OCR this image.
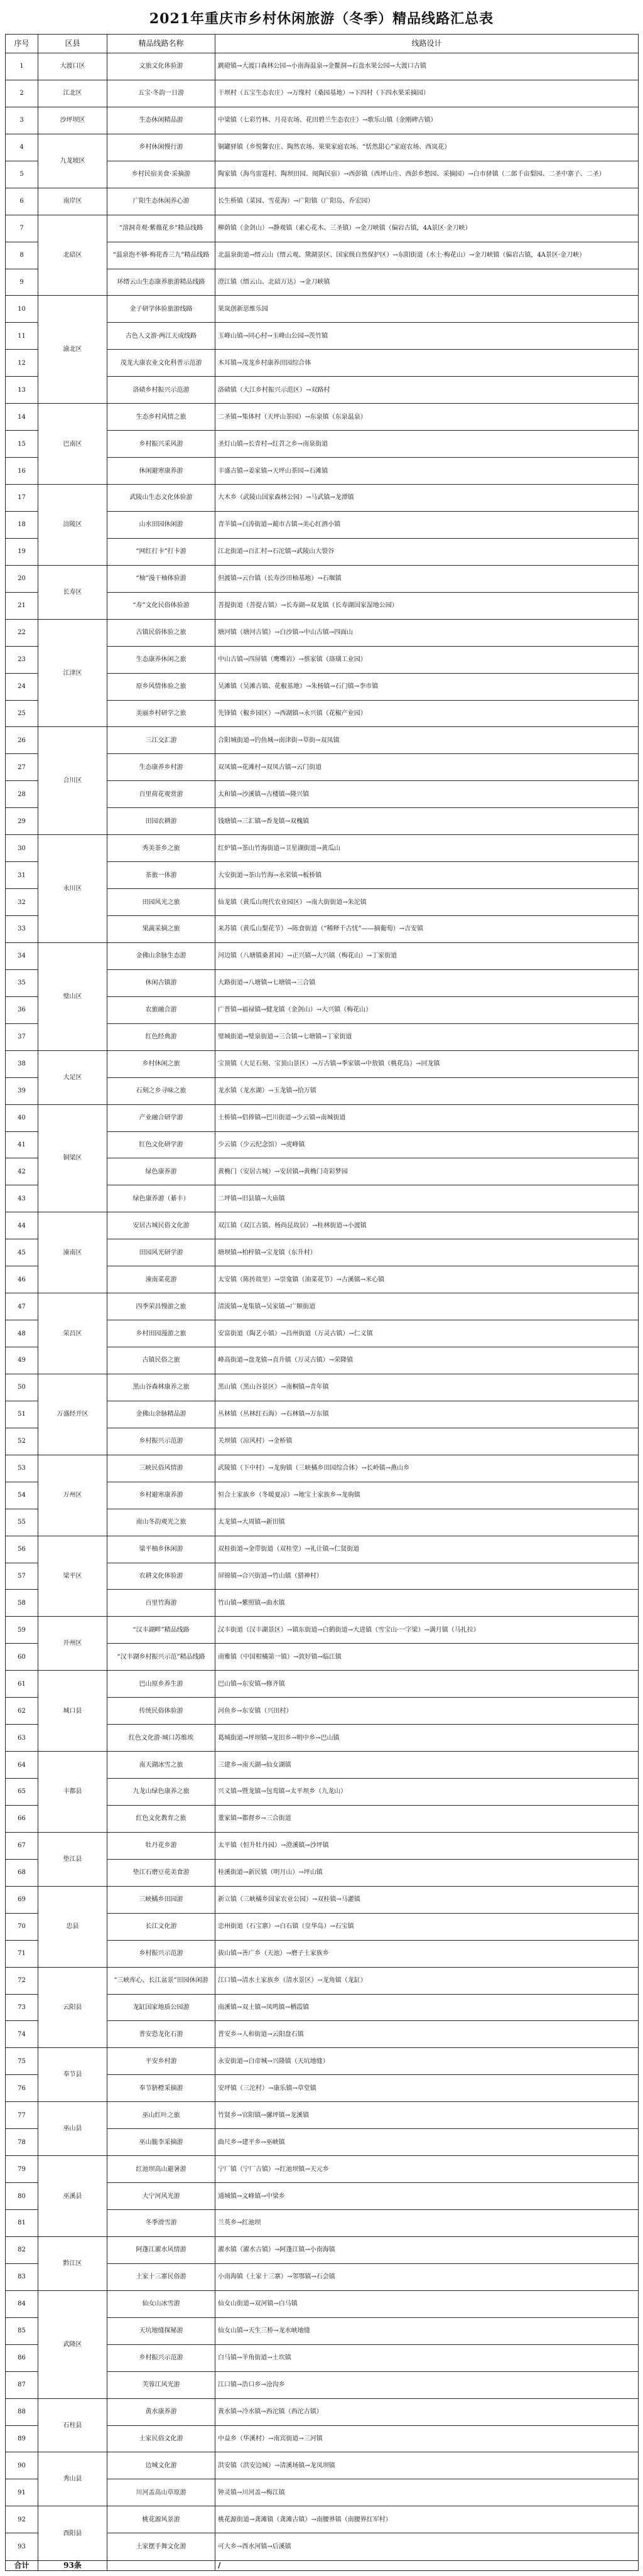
2021年重庆市乡村休闲旅游（冬季）精品线路汇总表
序号	区县	精品线路名称	线路设计
1	大渡口区	文旅文化体验游	跳磴镇→大渡口森林公园→小南海温泉→金鳌洞→石盘水果公园→大渡口古镇
2	江北区	五宝·冬韵一日游	干坝村（五宝生态农庄）→万缘村（桑园基地）→下四村（下四水果采摘园）
3	沙坪坝区	生态休闲精品游	中梁镇（七彩竹林、月亮农场、花田碧兰生态农庄）→歌乐山镇（金刚碑古镇）
4	九龙坡区	乡村休闲慢行游	铜罐驿镇（乡悦馨农庄、陶然农场、果果家庭农场、“恬然甜心”家庭农场、西岚花）
5		乡村民宿美食·采摘游	陶家镇（海鸟雷霆村、陶坝田园、阅陶民宿）→西彭镇（西坪山庄、西彭乡愁园、采摘园）→白市驿镇（二郎千亩梨园、二圣中寨子、二圣）
6	南岸区	广阳生态休闲养心游	长生桥镇（菜园、雪花海）→广阳镇（广阳岛、乔宏园）
7	北碚区	“溶洞奇观·紫薇花乡”精品线路	柳荫镇（金剑山）→静观镇（素心花木、三圣镇）→金刀峡镇（偏岩古镇，4A景区·金刀峡）
8		“温泉泡不够·梅花香三九”精品线路	北温泉街道→缙云山（缙云观、黛湖景区、国家级自然保护区）→东阳街道（水土·梅花山）→金刀峡镇（偏岩古镇，4A景区·金刀峡）
9		环缙云山生态康养旅游精品线路	澄江镇（缙云山、北碚万达）→金刀峡镇
10	渝北区	金子研学体验旅游线路	果岚创新思维乐园
11		古色人文游·两江天成线路	玉峰山镇→同心村→玉峰山公园→茨竹镇
12		茂龙大康农业文化科普示范游	木耳镇→茂龙乡村康养田园综合体
13		洛碛乡村振兴示范游	洛碛镇（大江乡村振兴示范区）→双路村
14	巴南区	生态乡村风情之旅	二圣镇→集体村（天坪山茶园）→东泉镇（东泉温泉）
15		乡村振兴采风游	圣灯山镇→长青村→红苕之乡→南泉街道
16		休闲避寒康养游	丰盛古镇→姜家镇→天坪山茶园→石滩镇
17	涪陵区	武陵山生态文化体验游	大木乡（武陵山国家森林公园）→马武镇→龙潭镇
18		山水田园休闲游	青羊镇→白涛街道→蔺市古镇→美心红酒小镇
19		“网红打卡”打卡游	江北街道→百汇村→石沱镇→武陵山大裂谷
20	长寿区	“柚”漫干柚体验游	但渡镇→云台镇（长寿沙田柚基地）→石堰镇
21		“寿”文化民俗体验游	菩提街道（菩提古镇）→长寿湖→双龙镇（长寿湖国家湿地公园）
22	江津区	古镇民俗体验之旅	塘河镇（塘河古镇）→白沙镇→中山古镇→四面山
23		生态康养休闲之旅	中山古镇→四屏镇（鹰嘴岩）→蔡家镇（珞璜工业园）
24		原乡风情体验之旅	吴滩镇（吴滩古镇、花椒基地）→朱杨镇→石门镇→李市镇
25		美丽乡村研学之旅	先锋镇（椒乡园区）→西湖镇→永兴镇（花椒产业园）
26	合川区	三江交汇游	合阳城街道→钓鱼城→南津街→草街→双凤镇
27		生态康养乡村游	双凤镇→花滩村→双凤古镇→云门街道
28		百里荷花观赏游	太和镇→沙溪镇→古楼镇→隆兴镇
29		田园农耕游	钱塘镇→三汇镇→香龙镇→双槐镇
30	永川区	秀美茶乡之旅	红炉镇→茶山竹海街道→卫星湖街道→黄瓜山
31		茶旅一体游	大安街道→茶山竹海→永荣镇→板桥镇
32		田园风光之旅	仙龙镇（黄瓜山现代农业园区）→南大街街道→朱沱镇
33		果蔬采摘之旅	来苏镇（黄瓜山梨花节）→陈食街道（“稀释千古忧”——摘葡萄）→吉安镇
34	璧山区	金佛山余脉生态游	河边镇（八塘镇桑葚园）→正兴镇→大兴镇（梅花山）→丁家街道
35		休闲古镇游	大路街道→八塘镇→七塘镇→三合镇
36		农旅融合游	广普镇→福禄镇→健龙镇（金剑山）→大兴镇（梅花山）
37		红色经典游	璧城街道→璧泉街道→三合镇→七塘镇→丁家街道
38	大足区	乡村休闲之旅	宝顶镇（大足石刻、宝顶山景区）→万古镇→季家镇→中敖镇（桃花岛）→回龙镇
39		石刻之乡寻味之旅	龙水镇（龙水湖）→玉龙镇→拾万镇
40	铜梁区	产业融合研学游	土桥镇→侣俸镇→巴川街道→少云镇→南城街道
41		红色文化研学游	少云镇（少云纪念馆）→虎峰镇
42		绿色康养游	黄桷门（安居古城）→安居镇→黄桷门奇彩梦园
43		绿色康养游（綦丰）	二坪镇→旧县镇→大庙镇
44	潼南区	安居古城民俗文化游	双江镇（双江古镇、杨尚昆故居）→桂林街道→小渡镇
45		田园风光研学游	塘坝镇→柏梓镇→宝龙镇（东升村）
46		潼南菜花游	太安镇（陈抟故里）→崇龛镇（油菜花节）→古溪镇→米心镇
47	荣昌区	四季荣昌慢游之旅	清流镇→龙集镇→吴家镇→广顺街道
48		乡村田园漫游之旅	安富街道（陶艺小镇）→昌州街道（万灵古镇）→仁义镇
49		古镇民俗之旅	峰高街道→盘龙镇→直升镇（万灵古镇）→荣隆镇
50	万盛经开区	黑山谷森林康养之旅	黑山镇（黑山谷景区）→南桐镇→青年镇
51		金佛山余脉精品游	丛林镇（丛林红石海）→石林镇→万东镇
52		乡村振兴示范游	关坝镇（凉风村）→金桥镇
53	万州区	三峡民俗风情游	武陵镇（下中村）→龙驹镇（三峡橘乡田园综合体）→长岭镇→燕山乡
54		乡村避寒康养游	恒合土家族乡（冬暖夏凉）→地宝土家族乡→龙驹镇
55		南山冬韵观光之旅	太龙镇→大周镇→新田镇
56	梁平区	梁平柚乡休闲游	双桂街道→金带街道（双桂堂）→礼让镇→仁贤街道
57		农耕文化体验游	屏锦镇→合兴街道→竹山镇（猎神村）
58		百里竹海游	竹山镇→紫照镇→曲水镇
59	开州区	“汉丰湖畔”精品线路	汉丰街道（汉丰湖景区）→镇东街道→白鹤街道→大进镇（雪宝山·一字梁）→满月镇（马扎拉）
60		“汉丰湖乡村振兴示范”精品线路	南雅镇（中国柑橘第一镇）→敦好镇→临江镇
61	城口县	巴山原乡养生游	巴山镇→东安镇→修齐镇
62		传统民俗体验游	河鱼乡→东安镇（兴田村）
63		红色文化游·城口苏维埃	葛城街道→坪坝镇→龙田乡→明中乡→巴山镇
64	丰都县	南天湖冰雪之旅	三建乡→南天湖→仙女湖镇
65		九龙山绿色康养之旅	兴义镇→暨龙镇→包鸾镇→太平坝乡（九龙山）
66		红色文化教育之旅	董家镇→都督乡→三合街道
67	垫江县	牡丹花乡游	太平镇（恒升牡丹园）→澄溪镇→沙坪镇
68		垫江石磨豆花美食游	桂溪街道→新民镇（明月山）→坪山镇
69	忠县	三峡橘乡田园游	新立镇（三峡橘乡国家农业公园）→双桂镇→马灌镇
70		长江文化游	忠州街道（石宝寨）→白石镇（皇华岛）→石宝镇
71		乡村振兴示范游	拔山镇→善广乡（天池）→磨子土家族乡
72	云阳县	“三峡库心、长江盆景”田园休闲游	江口镇→清水土家族乡（清水景区）→龙角镇（龙缸）
73		龙缸国家地质公园游	南溪镇→双土镇→凤鸣镇→栖霞镇
74		普安恐龙化石游	普安乡→人和街道→云阳盘石镇
75	奉节县	平安乡村游	永安街道→白帝城→兴隆镇（天坑地缝）
76		奉节脐橙采摘游	安坪镇（三沱村）→康乐镇→草堂镇
77	巫山县	巫山红叶之旅	竹贤乡→官阳镇→骡坪镇→龙溪镇
78		巫山脆李采摘游	曲尺乡→建平乡→巫峡镇
79	巫溪县	红池坝高山避暑游	宁厂镇（宁厂古镇）→红池坝镇→天元乡
80		大宁河风光游	通城镇→文峰镇→中梁乡
81		冬季滑雪游	兰英乡→红池坝
82	黔江区	阿蓬江濯水风情游	濯水镇（濯水古镇）→阿蓬江镇→小南海镇
83		土家十三寨民俗游	小南海镇（土家十三寨）→邻鄂镇→石会镇
84	武隆区	仙女山冰雪游	仙女山街道→双河镇→白马镇
85		天坑地缝探秘游	仙女山镇→天生三桥→龙水峡地缝
86		乡村振兴示范游	白马镇→羊角街道→土坎镇
87		芙蓉江风光游	江口镇→浩口乡→沧沟乡
88	石柱县	黄水康养游	黄水镇→冷水镇→西沱镇（西沱古镇）
89		土家民俗文化游	中益乡（华溪村）→南宾街道→三河镇
90	秀山县	边城文化游	洪安镇（洪安边城）→清溪场镇→龙凤坝镇
91		川河盖高山草原游	钟灵镇→川河盖→梅江镇
92	酉阳县	桃花源风景游	桃花源街道→龚滩镇（龚滩古镇）→南腰界镇（南腰界红军村）
93		土家摆手舞文化游	可大乡→酉水河镇→后溪镇
合计	93条		/
